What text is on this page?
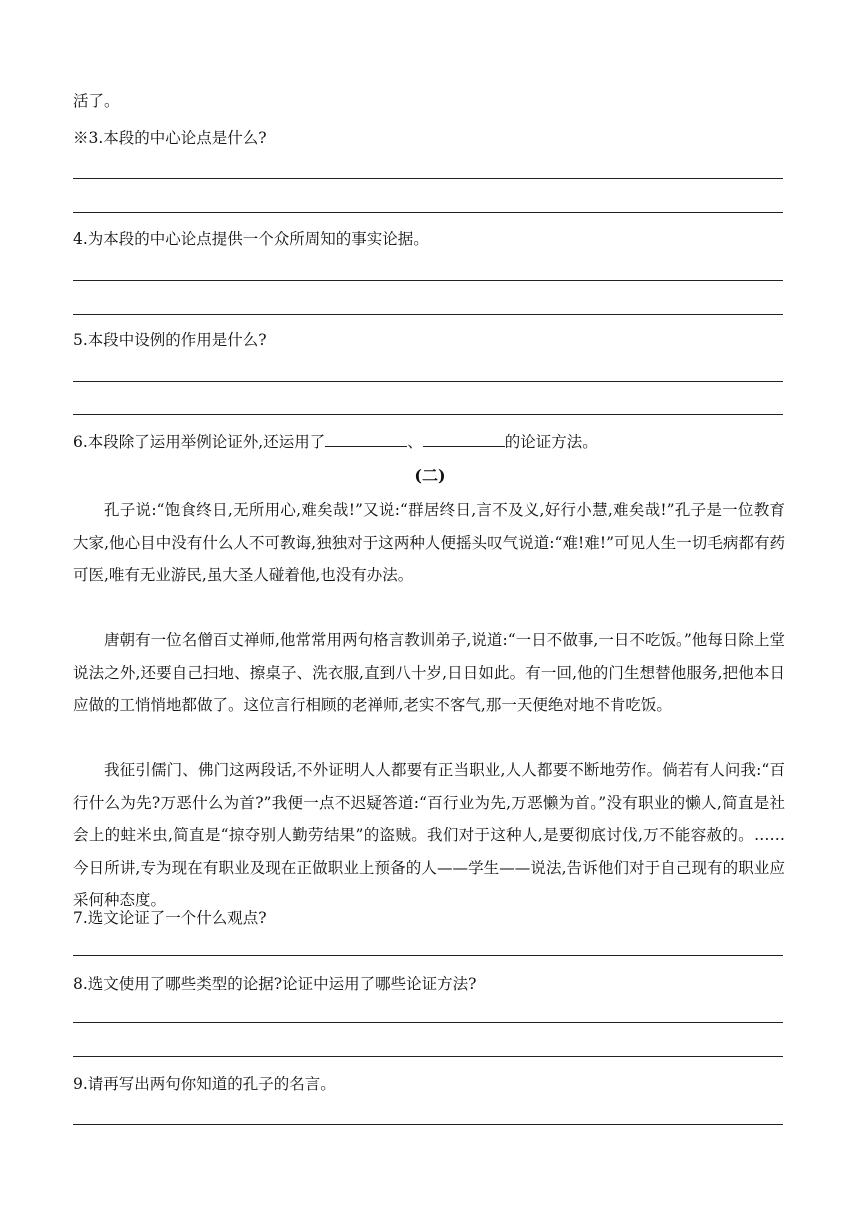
活了。
※3.本段的中心论点是什么?
4.为本段的中心论点提供一个众所周知的事实论据。
5.本段中设例的作用是什么?
6.本段除了运用举例论证外,还运用了	、	的论证方法。
(二)
孔子说:“饱食终日,无所用心,难矣哉!”又说:“群居终日,言不及义,好行小慧,难矣哉!”孔子是一位教育大家,他心目中没有什么人不可教诲,独独对于这两种人便摇头叹气说道:“难!难!”可见人生一切毛病都有药可医,唯有无业游民,虽大圣人碰着他,也没有办法。
唐朝有一位名僧百丈禅师,他常常用两句格言教训弟子,说道:“一日不做事,一日不吃饭。”他每日除上堂说法之外,还要自己扫地、擦桌子、洗衣服,直到八十岁,日日如此。有一回,他的门生想替他服务,把他本日应做的工悄悄地都做了。这位言行相顾的老禅师,老实不客气,那一天便绝对地不肯吃饭。
我征引儒门、佛门这两段话,不外证明人人都要有正当职业,人人都要不断地劳作。倘若有人问我:“百行什么为先?万恶什么为首?”我便一点不迟疑答道:“百行业为先,万恶懒为首。”没有职业的懒人,简直是社会上的蛀米虫,简直是“掠夺别人勤劳结果”的盗贼。我们对于这种人,是要彻底讨伐,万不能容赦的。……今日所讲,专为现在有职业及现在正做职业上预备的人——学生——说法,告诉他们对于自己现有的职业应采何种态度。
7.选文论证了一个什么观点?
8.选文使用了哪些类型的论据?论证中运用了哪些论证方法?
9.请再写出两句你知道的孔子的名言。
